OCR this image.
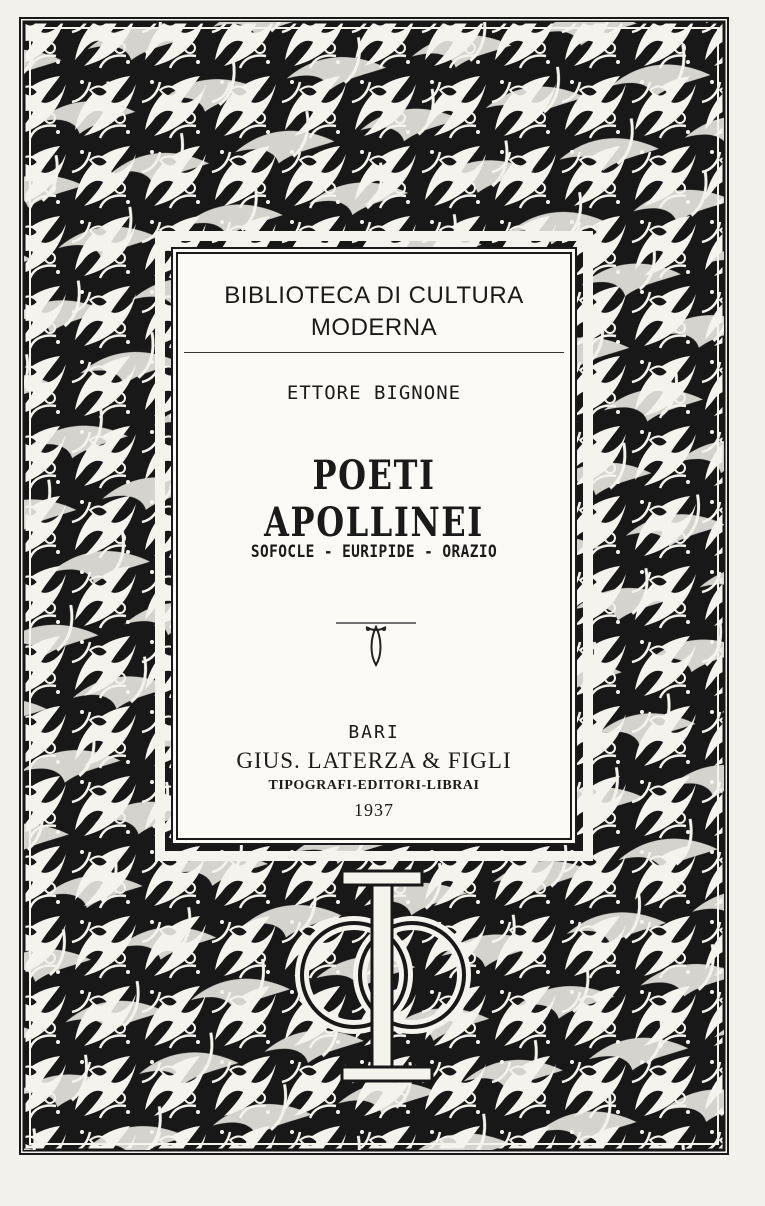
BIBLIOTECA DI CULTURA
MODERNA
ETTORE BIGNONE
POETI APOLLINEI
SOFOCLE - EURIPIDE - ORAZIO
BARI
GIUS. LATERZA & FIGLI
TIPOGRAFI-EDITORI-LIBRAI
1937
